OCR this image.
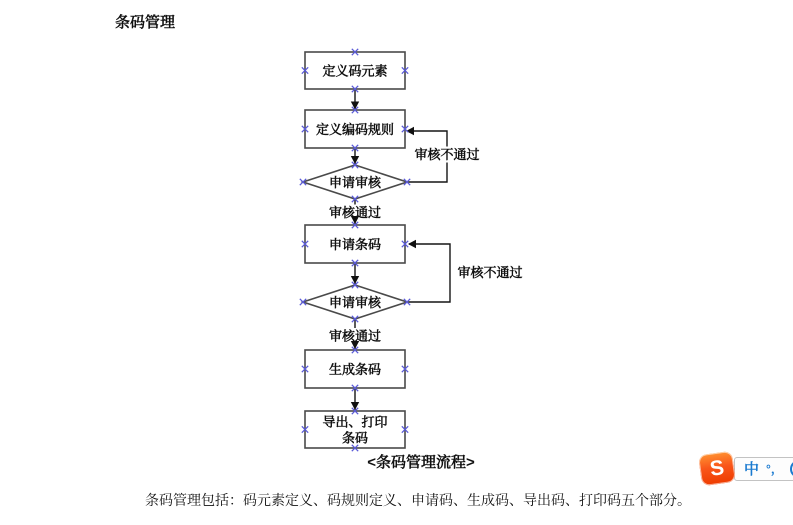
条码管理
定义码元素
定义编码规则
申请审核
申请条码
申请审核
生成条码
导出、打印
条码
审核不通过
审核通过
审核不通过
审核通过
<条码管理流程>
条码管理包括：码元素定义、码规则定义、申请码、生成码、导出码、打印码五个部分。
中 °，
S
